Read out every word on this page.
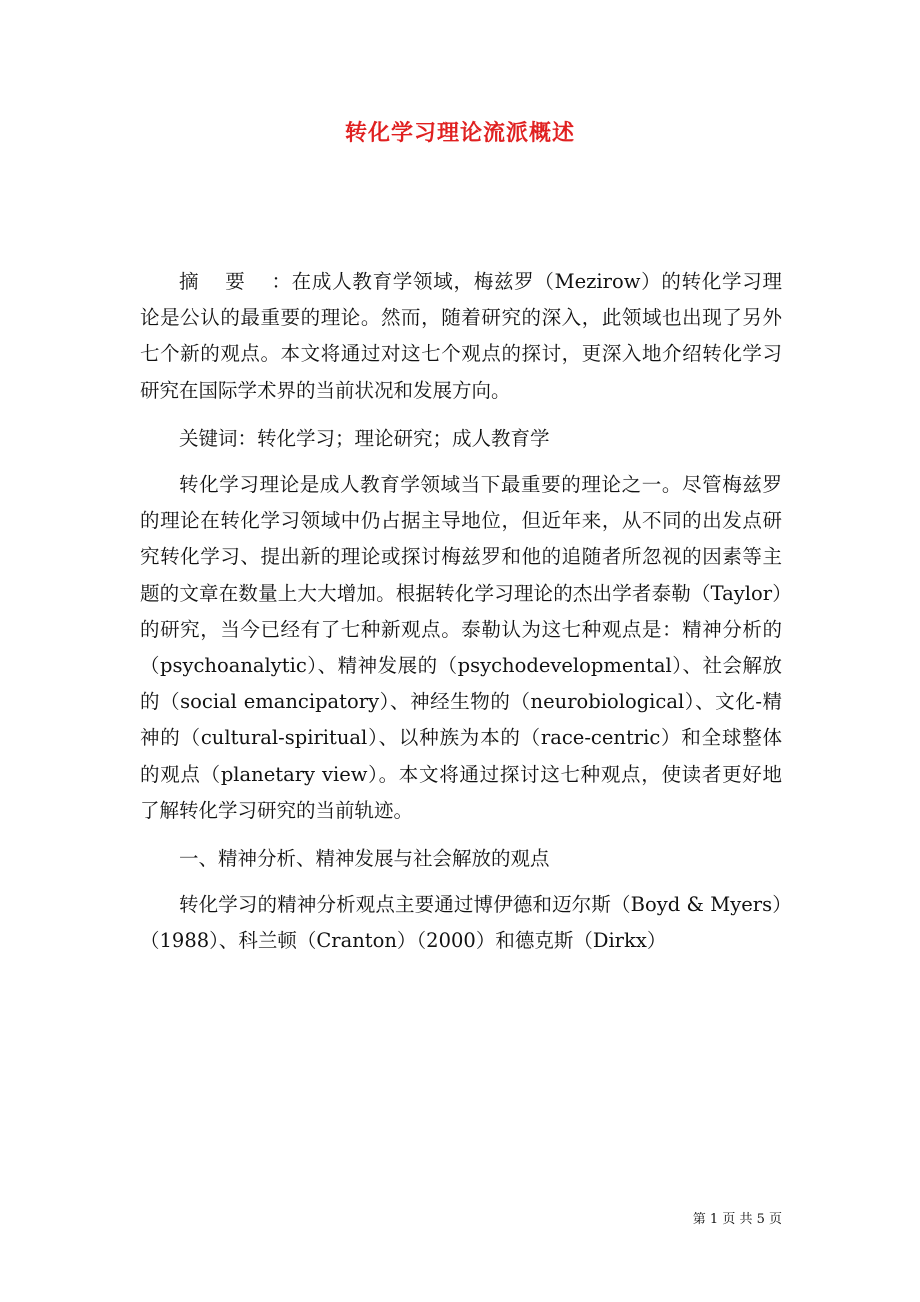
转化学习理论流派概述

摘要：在成人教育学领域，梅兹罗（Mezirow）的转化学习理论是公认的最重要的理论。然而，随着研究的深入，此领域也出现了另外七个新的观点。本文将通过对这七个观点的探讨，更深入地介绍转化学习研究在国际学术界的当前状况和发展方向。

关键词：转化学习；理论研究；成人教育学

转化学习理论是成人教育学领域当下最重要的理论之一。尽管梅兹罗的理论在转化学习领域中仍占据主导地位，但近年来，从不同的出发点研究转化学习、提出新的理论或探讨梅兹罗和他的追随者所忽视的因素等主题的文章在数量上大大增加。根据转化学习理论的杰出学者泰勒（Taylor）的研究，当今已经有了七种新观点。泰勒认为这七种观点是：精神分析的（psychoanalytic）、精神发展的（psychodevelopmental）、社会解放的（social emancipatory）、神经生物的（neurobiological）、文化-精神的（cultural-spiritual）、以种族为本的（race-centric）和全球整体的观点（planetary view）。本文将通过探讨这七种观点，使读者更好地了解转化学习研究的当前轨迹。

一、精神分析、精神发展与社会解放的观点

转化学习的精神分析观点主要通过博伊德和迈尔斯（Boyd & Myers）（1988）、科兰顿（Cranton）（2000）和德克斯（Dirkx）

第 1 页 共 5 页
